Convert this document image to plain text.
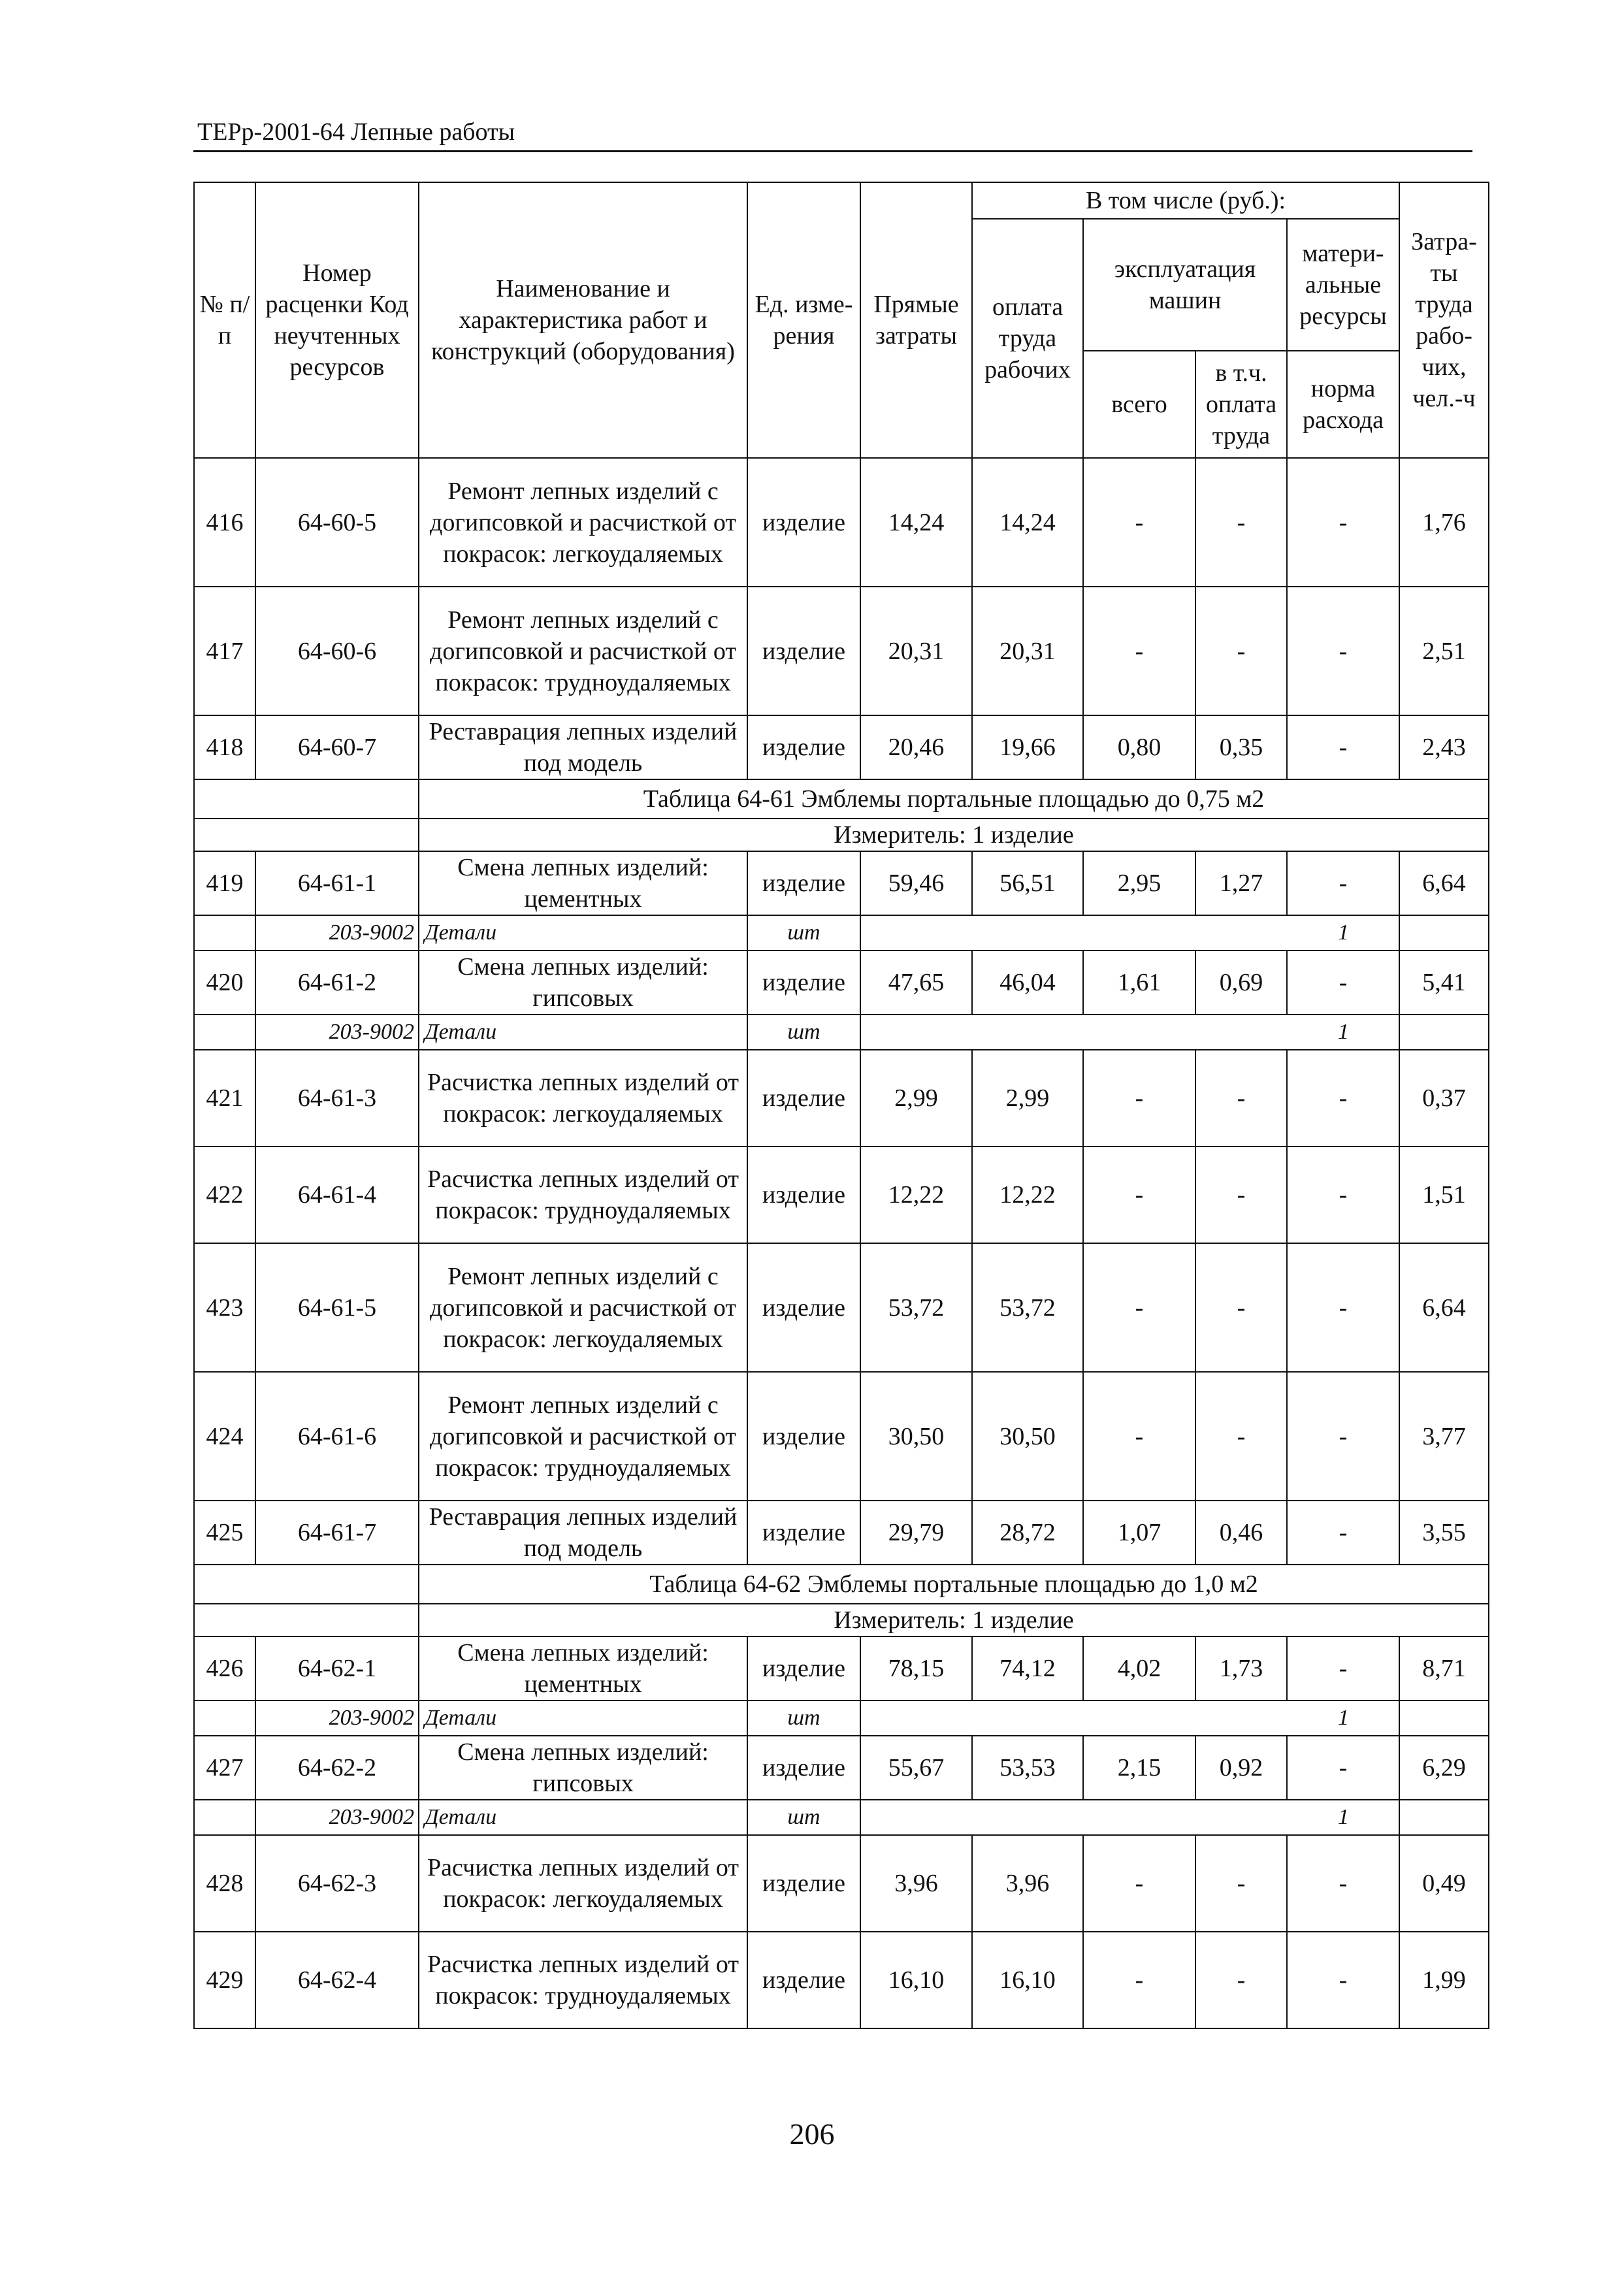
ТЕРр-2001-64 Лепные работы
№ п/п	Номер расценки Код неучтенных ресурсов	Наименование и характеристика работ и конструкций (оборудования)	Ед. изме- рения	Прямые затраты	В том числе (руб.):				Затра- ты труда рабо- чих, чел.-ч
					оплата труда рабочих	эксплуатация машин		матери- альные ресурсы	
						всего	в т.ч. оплата труда	норма расхода	

416	64-60-5	Ремонт лепных изделий с догипсовкой и расчисткой от покрасок: легкоудаляемых	изделие	14,24	14,24	-	-	-	1,76
417	64-60-6	Ремонт лепных изделий с догипсовкой и расчисткой от покрасок: трудноудаляемых	изделие	20,31	20,31	-	-	-	2,51
418	64-60-7	Реставрация лепных изделий под модель	изделие	20,46	19,66	0,80	0,35	-	2,43
		Таблица 64-61 Эмблемы портальные площадью до 0,75 м2							
		Измеритель: 1 изделие							
419	64-61-1	Смена лепных изделий: цементных	изделие	59,46	56,51	2,95	1,27	-	6,64
	203-9002	Детали	шт	1					
420	64-61-2	Смена лепных изделий: гипсовых	изделие	47,65	46,04	1,61	0,69	-	5,41
	203-9002	Детали	шт	1					
421	64-61-3	Расчистка лепных изделий от покрасок: легкоудаляемых	изделие	2,99	2,99	-	-	-	0,37
422	64-61-4	Расчистка лепных изделий от покрасок: трудноудаляемых	изделие	12,22	12,22	-	-	-	1,51
423	64-61-5	Ремонт лепных изделий с догипсовкой и расчисткой от покрасок: легкоудаляемых	изделие	53,72	53,72	-	-	-	6,64
424	64-61-6	Ремонт лепных изделий с догипсовкой и расчисткой от покрасок: трудноудаляемых	изделие	30,50	30,50	-	-	-	3,77
425	64-61-7	Реставрация лепных изделий под модель	изделие	29,79	28,72	1,07	0,46	-	3,55
		Таблица 64-62 Эмблемы портальные площадью до 1,0 м2							
		Измеритель: 1 изделие							
426	64-62-1	Смена лепных изделий: цементных	изделие	78,15	74,12	4,02	1,73	-	8,71
	203-9002	Детали	шт	1					
427	64-62-2	Смена лепных изделий: гипсовых	изделие	55,67	53,53	2,15	0,92	-	6,29
	203-9002	Детали	шт	1					
428	64-62-3	Расчистка лепных изделий от покрасок: легкоудаляемых	изделие	3,96	3,96	-	-	-	0,49
429	64-62-4	Расчистка лепных изделий от покрасок: трудноудаляемых	изделие	16,10	16,10	-	-	-	1,99
206
